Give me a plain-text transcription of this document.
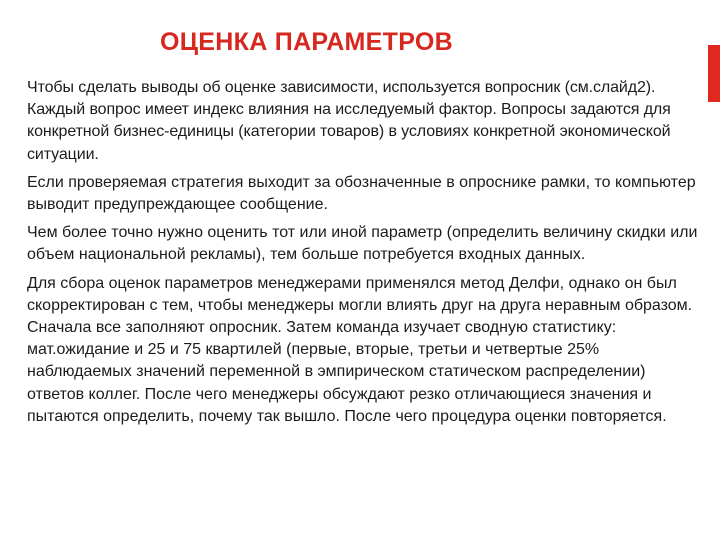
ОЦЕНКА ПАРАМЕТРОВ

Чтобы сделать выводы об оценке зависимости, используется вопросник (см.слайд2). Каждый вопрос имеет индекс влияния на исследуемый фактор. Вопросы задаются для конкретной бизнес-единицы (категории товаров) в условиях конкретной экономической ситуации.

Если проверяемая стратегия выходит за обозначенные в опроснике рамки, то компьютер выводит предупреждающее сообщение.

Чем более точно нужно оценить тот или иной параметр (определить величину скидки или объем национальной рекламы), тем больше потребуется входных данных.

Для сбора оценок параметров менеджерами применялся метод Делфи, однако он был скорректирован с тем, чтобы менеджеры могли влиять друг на друга неравным образом. Сначала все заполняют опросник. Затем команда изучает сводную статистику: мат.ожидание и 25 и 75 квартилей (первые, вторые, третьи и четвертые 25% наблюдаемых значений переменной в эмпирическом статическом распределении) ответов коллег. После чего менеджеры обсуждают резко отличающиеся значения и пытаются определить, почему так вышло. После чего процедура оценки повторяется.
